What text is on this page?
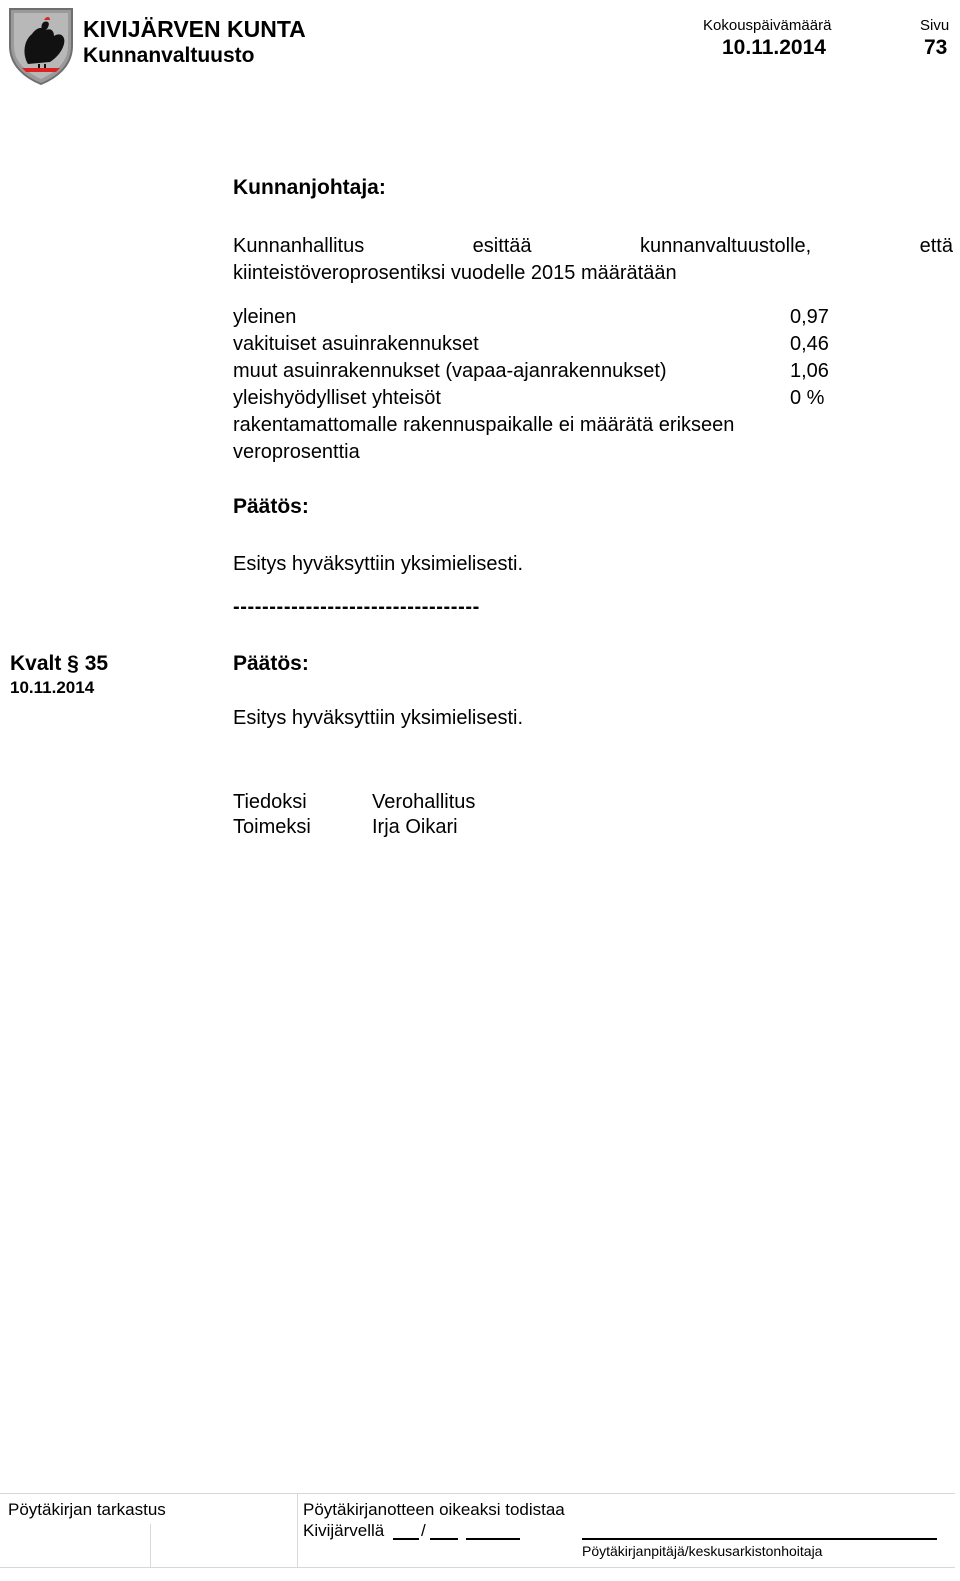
KIVIJÄRVEN KUNTA
Kunnanvaltuusto
Kokouspäivämäärä
10.11.2014
Sivu
73
Kunnanjohtaja:
Kunnanhallitus	esittää	kunnanvaltuustolle,	että
kiinteistöveroprosentiksi vuodelle 2015 määrätään
yleinen	0,97
vakituiset asuinrakennukset	0,46
muut asuinrakennukset (vapaa-ajanrakennukset)	1,06
yleishyödylliset yhteisöt	0 %
rakentamattomalle rakennuspaikalle ei määrätä erikseen
veroprosenttia
Päätös:
Esitys hyväksyttiin yksimielisesti.
----------------------------------
Kvalt § 35
10.11.2014
Päätös:
Esitys hyväksyttiin yksimielisesti.
Tiedoksi	Verohallitus
Toimeksi	Irja Oikari
Pöytäkirjan tarkastus	Pöytäkirjanotteen oikeaksi todistaa
Kivijärvellä /
Pöytäkirjanpitäjä/keskusarkistonhoitaja
